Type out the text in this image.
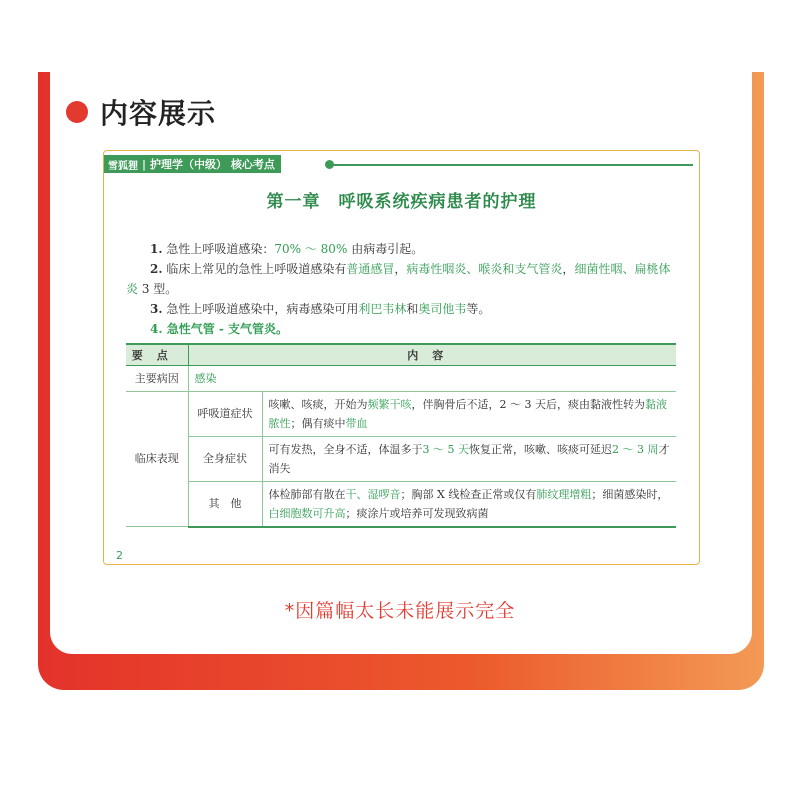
内容展示
雪狐狸 | 护理学（中级） 核心考点
第一章　呼吸系统疾病患者的护理

1. 急性上呼吸道感染：70% ～ 80% 由病毒引起。

2. 临床上常见的急性上呼吸道感染有普通感冒，病毒性咽炎、喉炎和支气管炎，细菌性咽、扁桃体炎 3 型。

3. 急性上呼吸道感染中，病毒感染可用利巴韦林和奥司他韦等。

4. 急性气管 - 支气管炎。

要点	内容	
主要病因	感染	
临床表现	呼吸道症状	咳嗽、咳痰，开始为频繁干咳，伴胸骨后不适，2 ～ 3 天后，痰由黏液性转为黏液脓性；偶有痰中带血
	全身症状	可有发热，全身不适，体温多于3 ～ 5 天恢复正常，咳嗽、咳痰可延迟2 ～ 3 周才消失
	其　他	体检肺部有散在干、湿啰音；胸部 X 线检查正常或仅有肺纹理增粗；细菌感染时，白细胞数可升高；痰涂片或培养可发现致病菌
2
*因篇幅太长未能展示完全
